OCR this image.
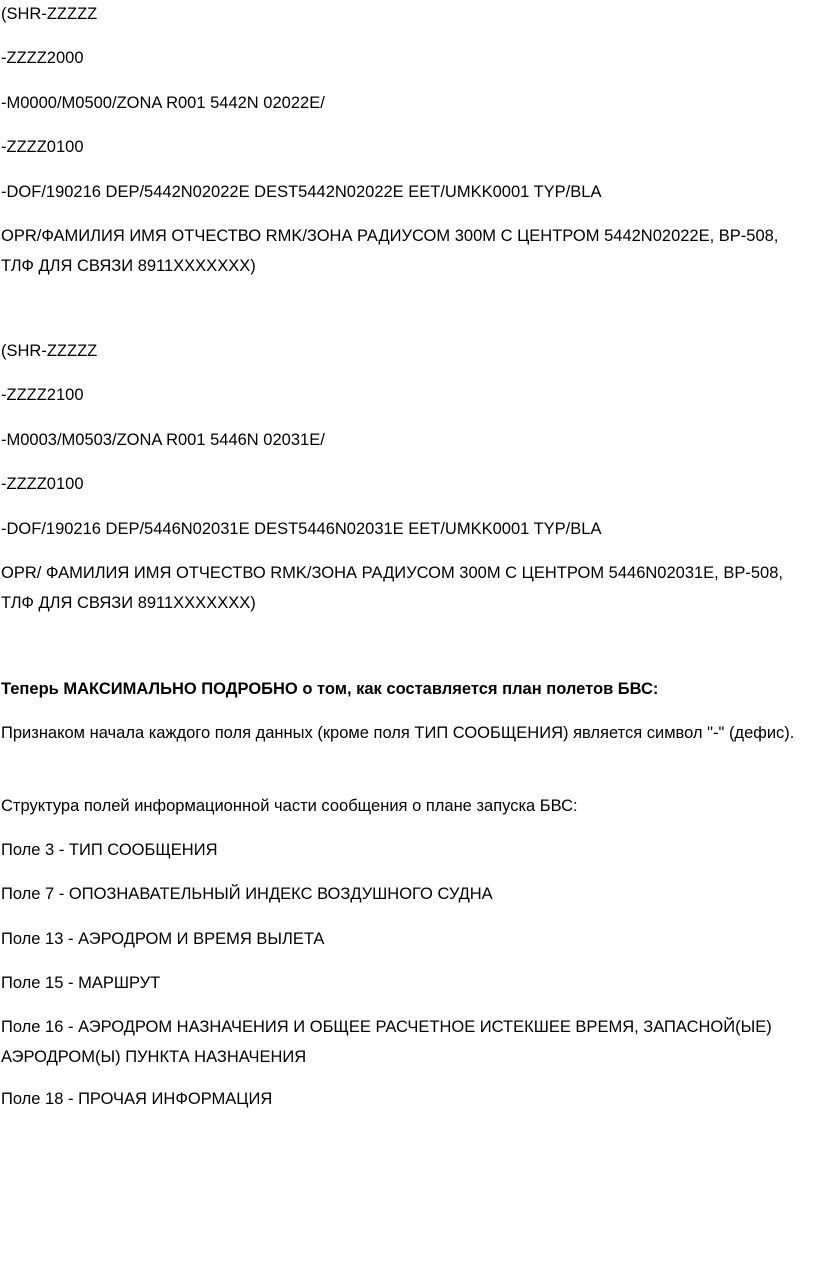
(SHR-ZZZZZ
-ZZZZ2000
-M0000/M0500/ZONA R001 5442N 02022E/
-ZZZZ0100
-DOF/190216 DEP/5442N02022E DEST5442N02022E EET/UMKK0001 TYP/BLA
OPR/ФАМИЛИЯ ИМЯ ОТЧЕСТВО RMK/ЗОНА РАДИУСОМ 300М С ЦЕНТРОМ 5442N02022E, ВР-508, ТЛФ ДЛЯ СВЯЗИ 8911XXXXXXX)
(SHR-ZZZZZ
-ZZZZ2100
-M0003/M0503/ZONA R001 5446N 02031E/
-ZZZZ0100
-DOF/190216 DEP/5446N02031E DEST5446N02031E EET/UMKK0001 TYP/BLA
OPR/ ФАМИЛИЯ ИМЯ ОТЧЕСТВО RMK/ЗОНА РАДИУСОМ 300М С ЦЕНТРОМ 5446N02031E, ВР-508, ТЛФ ДЛЯ СВЯЗИ 8911XXXXXXX)
Теперь МАКСИМАЛЬНО ПОДРОБНО о том, как составляется план полетов БВС:
Признаком начала каждого поля данных (кроме поля ТИП СООБЩЕНИЯ) является символ "-" (дефис).
Структура полей информационной части сообщения о плане запуска БВС:
Поле 3 - ТИП СООБЩЕНИЯ
Поле 7 - ОПОЗНАВАТЕЛЬНЫЙ ИНДЕКС ВОЗДУШНОГО СУДНА
Поле 13 - АЭРОДРОМ И ВРЕМЯ ВЫЛЕТА
Поле 15 - МАРШРУТ
Поле 16 - АЭРОДРОМ НАЗНАЧЕНИЯ И ОБЩЕЕ РАСЧЕТНОЕ ИСТЕКШЕЕ ВРЕМЯ, ЗАПАСНОЙ(ЫЕ) АЭРОДРОМ(Ы) ПУНКТА НАЗНАЧЕНИЯ
Поле 18 - ПРОЧАЯ ИНФОРМАЦИЯ
